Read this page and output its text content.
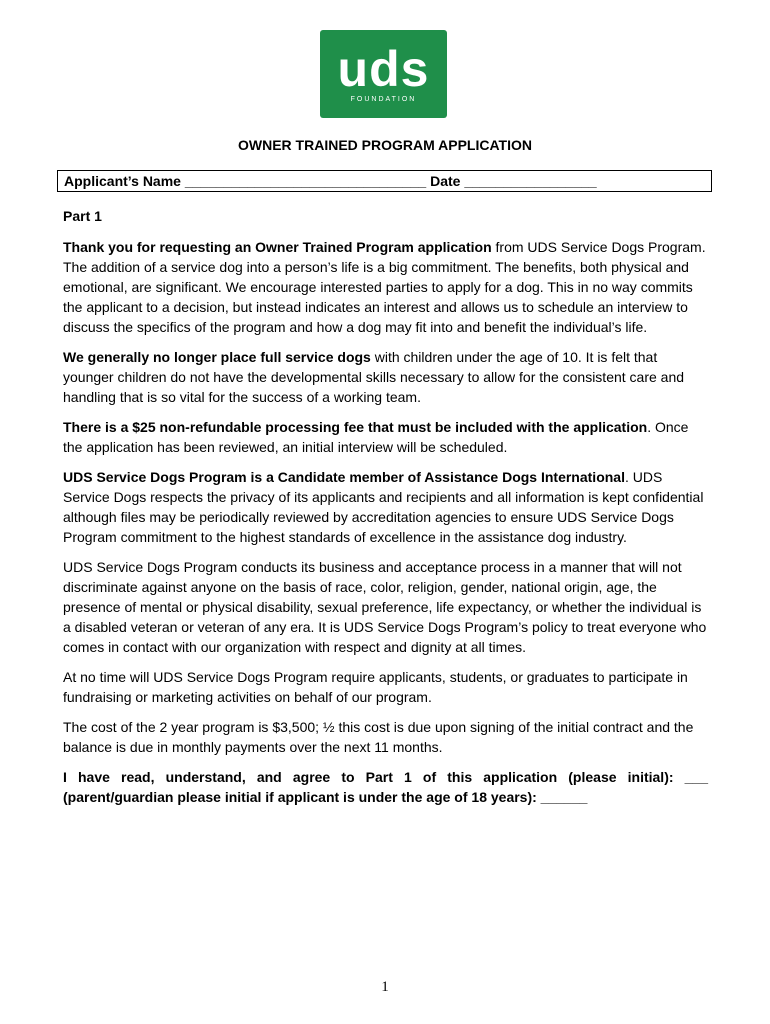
uds
FOUNDATION
OWNER TRAINED PROGRAM APPLICATION
Applicant’s Name _______________________________ Date _________________

Part 1

Thank you for requesting an Owner Trained Program application from UDS Service Dogs Program. The addition of a service dog into a person’s life is a big commitment. The benefits, both physical and emotional, are significant. We encourage interested parties to apply for a dog. This in no way commits the applicant to a decision, but instead indicates an interest and allows us to schedule an interview to discuss the specifics of the program and how a dog may fit into and benefit the individual’s life.

We generally no longer place full service dogs with children under the age of 10. It is felt that younger children do not have the developmental skills necessary to allow for the consistent care and handling that is so vital for the success of a working team.

There is a $25 non-refundable processing fee that must be included with the application. Once the application has been reviewed, an initial interview will be scheduled.

UDS Service Dogs Program is a Candidate member of Assistance Dogs International. UDS Service Dogs respects the privacy of its applicants and recipients and all information is kept confidential although files may be periodically reviewed by accreditation agencies to ensure UDS Service Dogs Program commitment to the highest standards of excellence in the assistance dog industry.

UDS Service Dogs Program conducts its business and acceptance process in a manner that will not discriminate against anyone on the basis of race, color, religion, gender, national origin, age, the presence of mental or physical disability, sexual preference, life expectancy, or whether the individual is a disabled veteran or veteran of any era. It is UDS Service Dogs Program’s policy to treat everyone who comes in contact with our organization with respect and dignity at all times.

At no time will UDS Service Dogs Program require applicants, students, or graduates to participate in fundraising or marketing activities on behalf of our program.

The cost of the 2 year program is $3,500; ½ this cost is due upon signing of the initial contract and the balance is due in monthly payments over the next 11 months.

I have read, understand, and agree to Part 1 of this application (please initial): ___ (parent/guardian please initial if applicant is under the age of 18 years): ______

1
